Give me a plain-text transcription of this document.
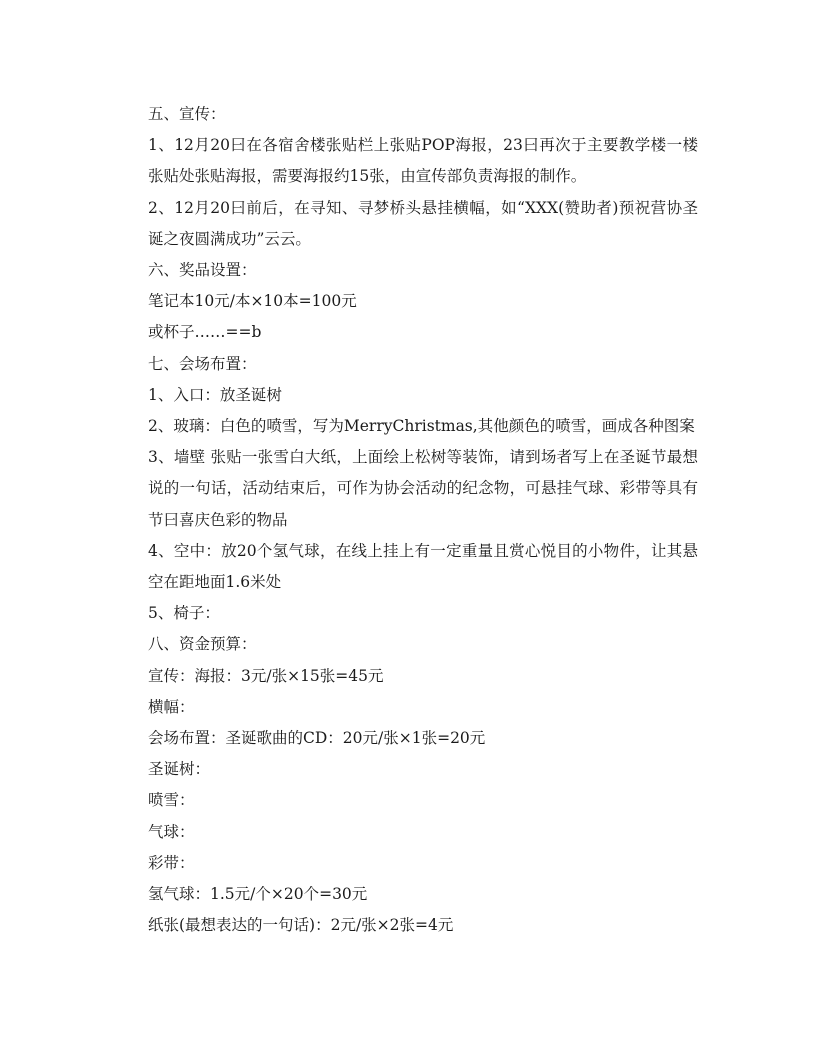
五、宣传：

1、12月20曰在各宿舍楼张贴栏上张贴POP海报，23曰再次于主要教学楼一楼张贴处张贴海报，需要海报约15张，由宣传部负责海报的制作。

2、12月20曰前后，在寻知、寻梦桥头悬挂横幅，如“XXX(赞助者)预祝营协圣诞之夜圆满成功”云云。

六、奖品设置：

笔记本10元/本×10本=100元

或杯子……==b

七、会场布置：

1、入口：放圣诞树

2、玻璃：白色的喷雪，写为MerryChristmas,其他颜色的喷雪，画成各种图案

3、墙壁 张贴一张雪白大纸，上面绘上松树等装饰，请到场者写上在圣诞节最想说的一句话，活动结束后，可作为协会活动的纪念物，可悬挂气球、彩带等具有节曰喜庆色彩的物品

4、空中：放20个氢气球，在线上挂上有一定重量且赏心悦目的小物件，让其悬空在距地面1.6米处

5、椅子：

八、资金预算：

宣传：海报：3元/张×15张=45元

横幅：

会场布置：圣诞歌曲的CD：20元/张×1张=20元

圣诞树：

喷雪：

气球：

彩带：

氢气球：1.5元/个×20个=30元

纸张(最想表达的一句话)：2元/张×2张=4元
